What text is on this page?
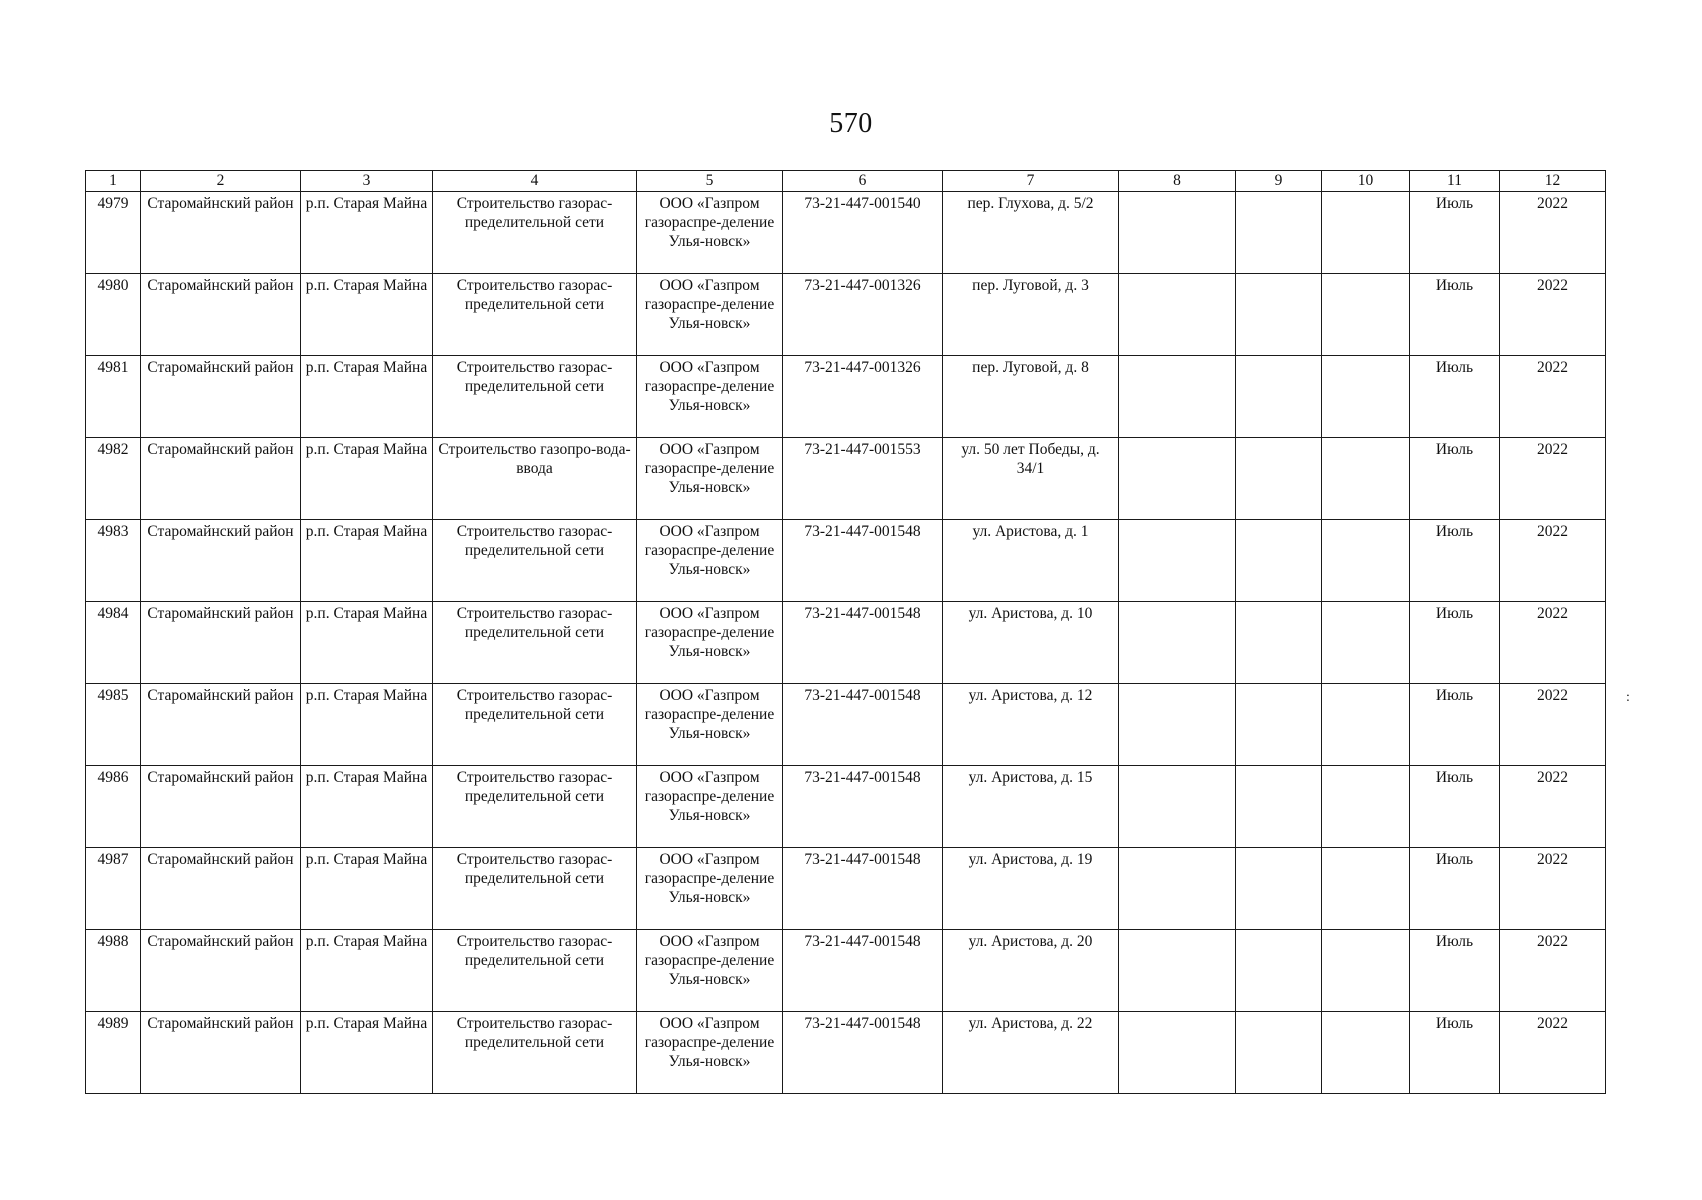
570
1	2	3	4	5	6	7	8	9	10	11	12
4979	Старомайнский район	р.п. Старая Майна	Строительство газорас-пределительной сети	ООО «Газпром газораспре-деление Улья-новск»	73-21-447-001540	пер. Глухова, д. 5/2				Июль	2022
4980	Старомайнский район	р.п. Старая Майна	Строительство газорас-пределительной сети	ООО «Газпром газораспре-деление Улья-новск»	73-21-447-001326	пер. Луговой, д. 3				Июль	2022
4981	Старомайнский район	р.п. Старая Майна	Строительство газорас-пределительной сети	ООО «Газпром газораспре-деление Улья-новск»	73-21-447-001326	пер. Луговой, д. 8				Июль	2022
4982	Старомайнский район	р.п. Старая Майна	Строительство газопро-вода-ввода	ООО «Газпром газораспре-деление Улья-новск»	73-21-447-001553	ул. 50 лет Победы, д. 34/1				Июль	2022
4983	Старомайнский район	р.п. Старая Майна	Строительство газорас-пределительной сети	ООО «Газпром газораспре-деление Улья-новск»	73-21-447-001548	ул. Аристова, д. 1				Июль	2022
4984	Старомайнский район	р.п. Старая Майна	Строительство газорас-пределительной сети	ООО «Газпром газораспре-деление Улья-новск»	73-21-447-001548	ул. Аристова, д. 10				Июль	2022
4985	Старомайнский район	р.п. Старая Майна	Строительство газорас-пределительной сети	ООО «Газпром газораспре-деление Улья-новск»	73-21-447-001548	ул. Аристова, д. 12				Июль	2022
4986	Старомайнский район	р.п. Старая Майна	Строительство газорас-пределительной сети	ООО «Газпром газораспре-деление Улья-новск»	73-21-447-001548	ул. Аристова, д. 15				Июль	2022
4987	Старомайнский район	р.п. Старая Майна	Строительство газорас-пределительной сети	ООО «Газпром газораспре-деление Улья-новск»	73-21-447-001548	ул. Аристова, д. 19				Июль	2022
4988	Старомайнский район	р.п. Старая Майна	Строительство газорас-пределительной сети	ООО «Газпром газораспре-деление Улья-новск»	73-21-447-001548	ул. Аристова, д. 20				Июль	2022
4989	Старомайнский район	р.п. Старая Майна	Строительство газорас-пределительной сети	ООО «Газпром газораспре-деление Улья-новск»	73-21-447-001548	ул. Аристова, д. 22				Июль	2022
:
